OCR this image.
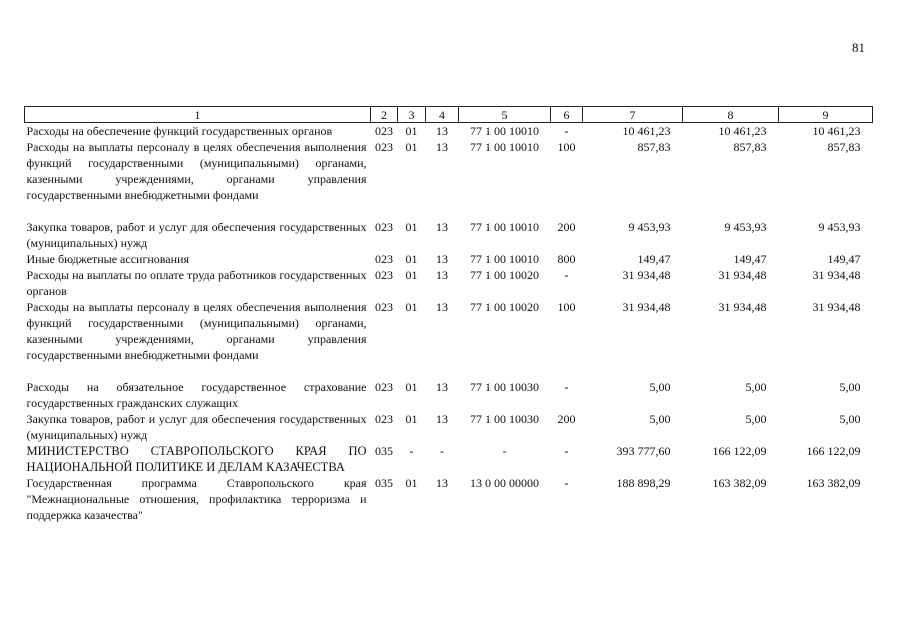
81
1	2	3	4	5	6	7	8	9
Расходы на обеспечение функций государственных органов	023	01	13	77 1 00 10010	-	10 461,23	10 461,23	10 461,23
Расходы на выплаты персоналу в целях обеспечения выполнения функций государственными (муниципальными) органами, казенными учреждениями, органами управления государственными внебюджетными фондами	023	01	13	77 1 00 10010	100	857,83	857,83	857,83
Закупка товаров, работ и услуг для обеспечения государственных (муниципальных) нужд	023	01	13	77 1 00 10010	200	9 453,93	9 453,93	9 453,93
Иные бюджетные ассигнования	023	01	13	77 1 00 10010	800	149,47	149,47	149,47
Расходы на выплаты по оплате труда работников государственных органов	023	01	13	77 1 00 10020	-	31 934,48	31 934,48	31 934,48
Расходы на выплаты персоналу в целях обеспечения выполнения функций государственными (муниципальными) органами, казенными учреждениями, органами управления государственными внебюджетными фондами	023	01	13	77 1 00 10020	100	31 934,48	31 934,48	31 934,48
Расходы на обязательное государственное страхование государственных гражданских служащих	023	01	13	77 1 00 10030	-	5,00	5,00	5,00
Закупка товаров, работ и услуг для обеспечения государственных (муниципальных) нужд	023	01	13	77 1 00 10030	200	5,00	5,00	5,00
МИНИСТЕРСТВО СТАВРОПОЛЬСКОГО КРАЯ ПО НАЦИОНАЛЬНОЙ ПОЛИТИКЕ И ДЕЛАМ КАЗАЧЕСТВА	035	-	-	-	-	393 777,60	166 122,09	166 122,09
Государственная программа Ставропольского края "Межнациональные отношения, профилактика терроризма и поддержка казачества"	035	01	13	13 0 00 00000	-	188 898,29	163 382,09	163 382,09
